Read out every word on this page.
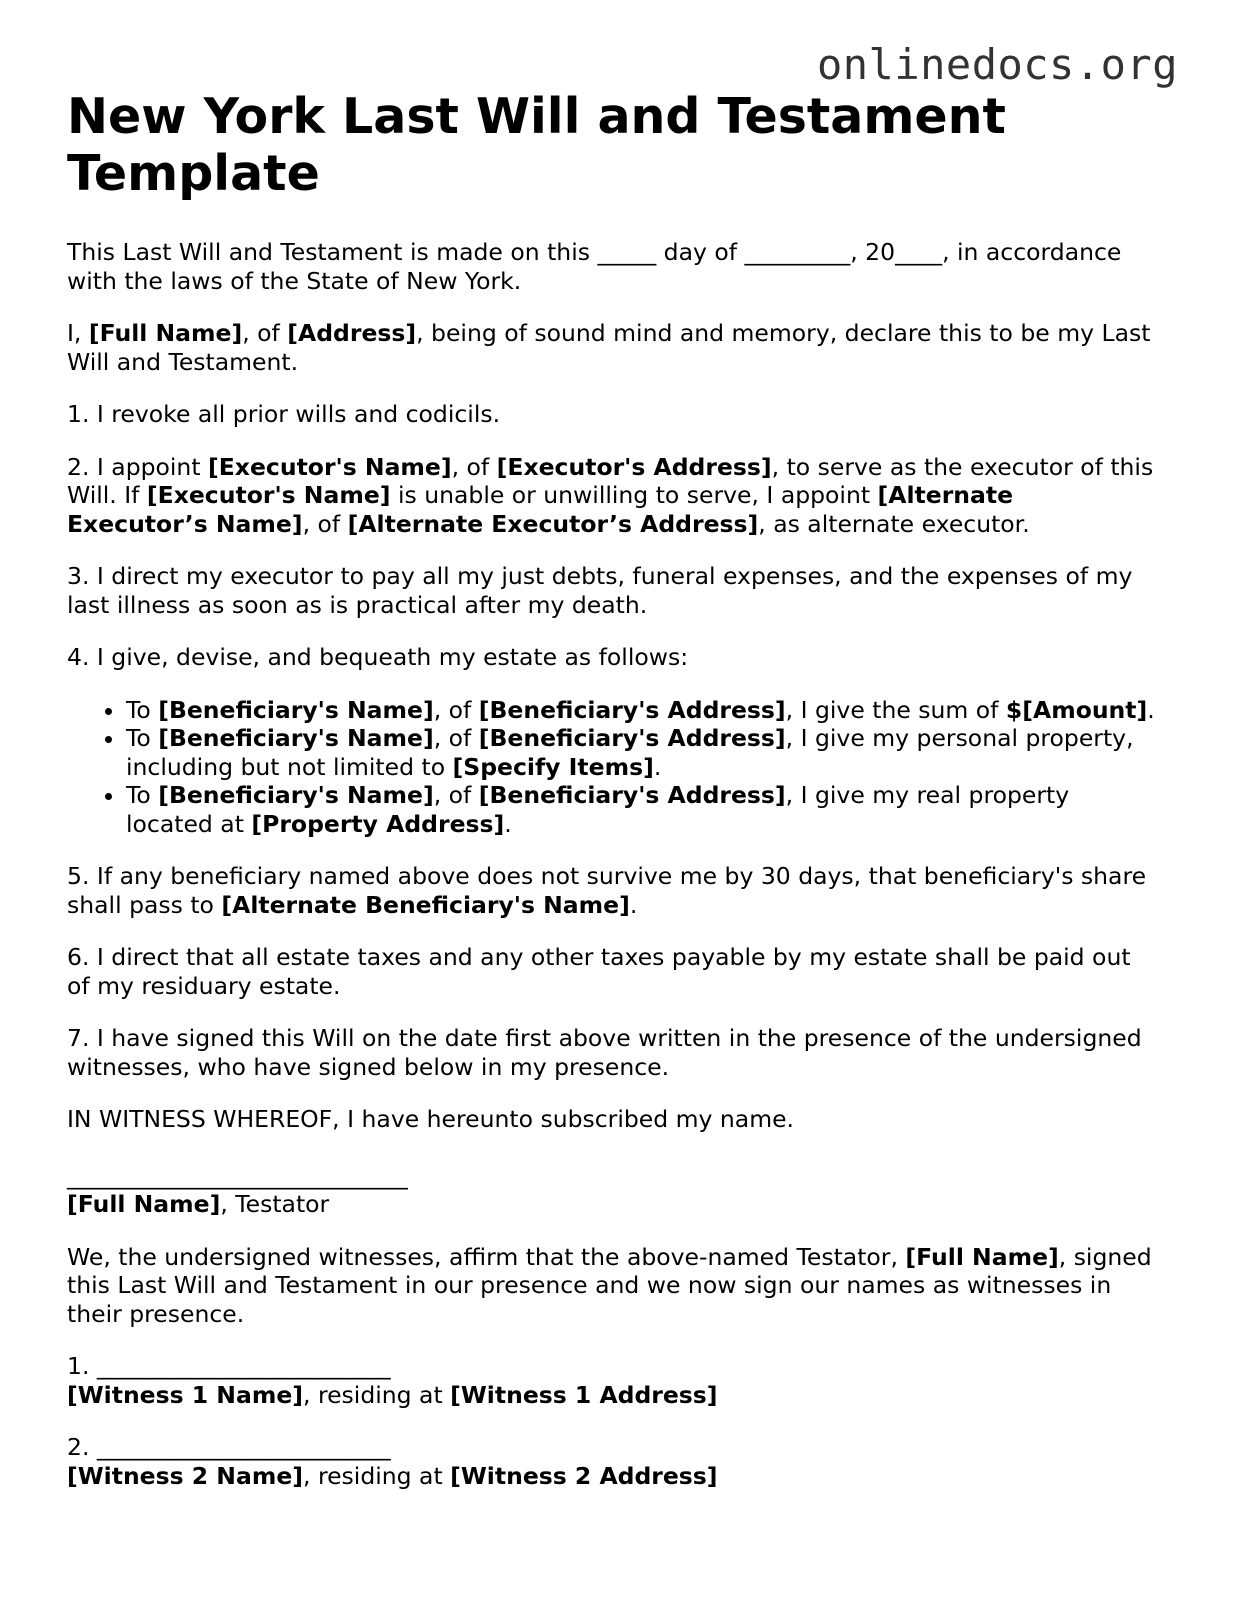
onlinedocs.org
New York Last Will and Testament Template

This Last Will and Testament is made on this _____ day of _________, 20____, in accordance with the laws of the State of New York.

I, [Full Name], of [Address], being of sound mind and memory, declare this to be my Last Will and Testament.

1. I revoke all prior wills and codicils.

2. I appoint [Executor's Name], of [Executor's Address], to serve as the executor of this Will. If [Executor's Name] is unable or unwilling to serve, I appoint [Alternate Executor’s Name], of [Alternate Executor’s Address], as alternate executor.

3. I direct my executor to pay all my just debts, funeral expenses, and the expenses of my last illness as soon as is practical after my death.

4. I give, devise, and bequeath my estate as follows:

• To [Beneficiary's Name], of [Beneficiary's Address], I give the sum of $[Amount].
• To [Beneficiary's Name], of [Beneficiary's Address], I give my personal property, including but not limited to [Specify Items].
• To [Beneficiary's Name], of [Beneficiary's Address], I give my real property located at [Property Address].

5. If any beneficiary named above does not survive me by 30 days, that beneficiary's share shall pass to [Alternate Beneficiary's Name].

6. I direct that all estate taxes and any other taxes payable by my estate shall be paid out of my residuary estate.

7. I have signed this Will on the date first above written in the presence of the undersigned witnesses, who have signed below in my presence.

IN WITNESS WHEREOF, I have hereunto subscribed my name.

_____________________________
[Full Name], Testator

We, the undersigned witnesses, affirm that the above-named Testator, [Full Name], signed this Last Will and Testament in our presence and we now sign our names as witnesses in their presence.

1. _________________________
[Witness 1 Name], residing at [Witness 1 Address]
2. _________________________
[Witness 2 Name], residing at [Witness 2 Address]
